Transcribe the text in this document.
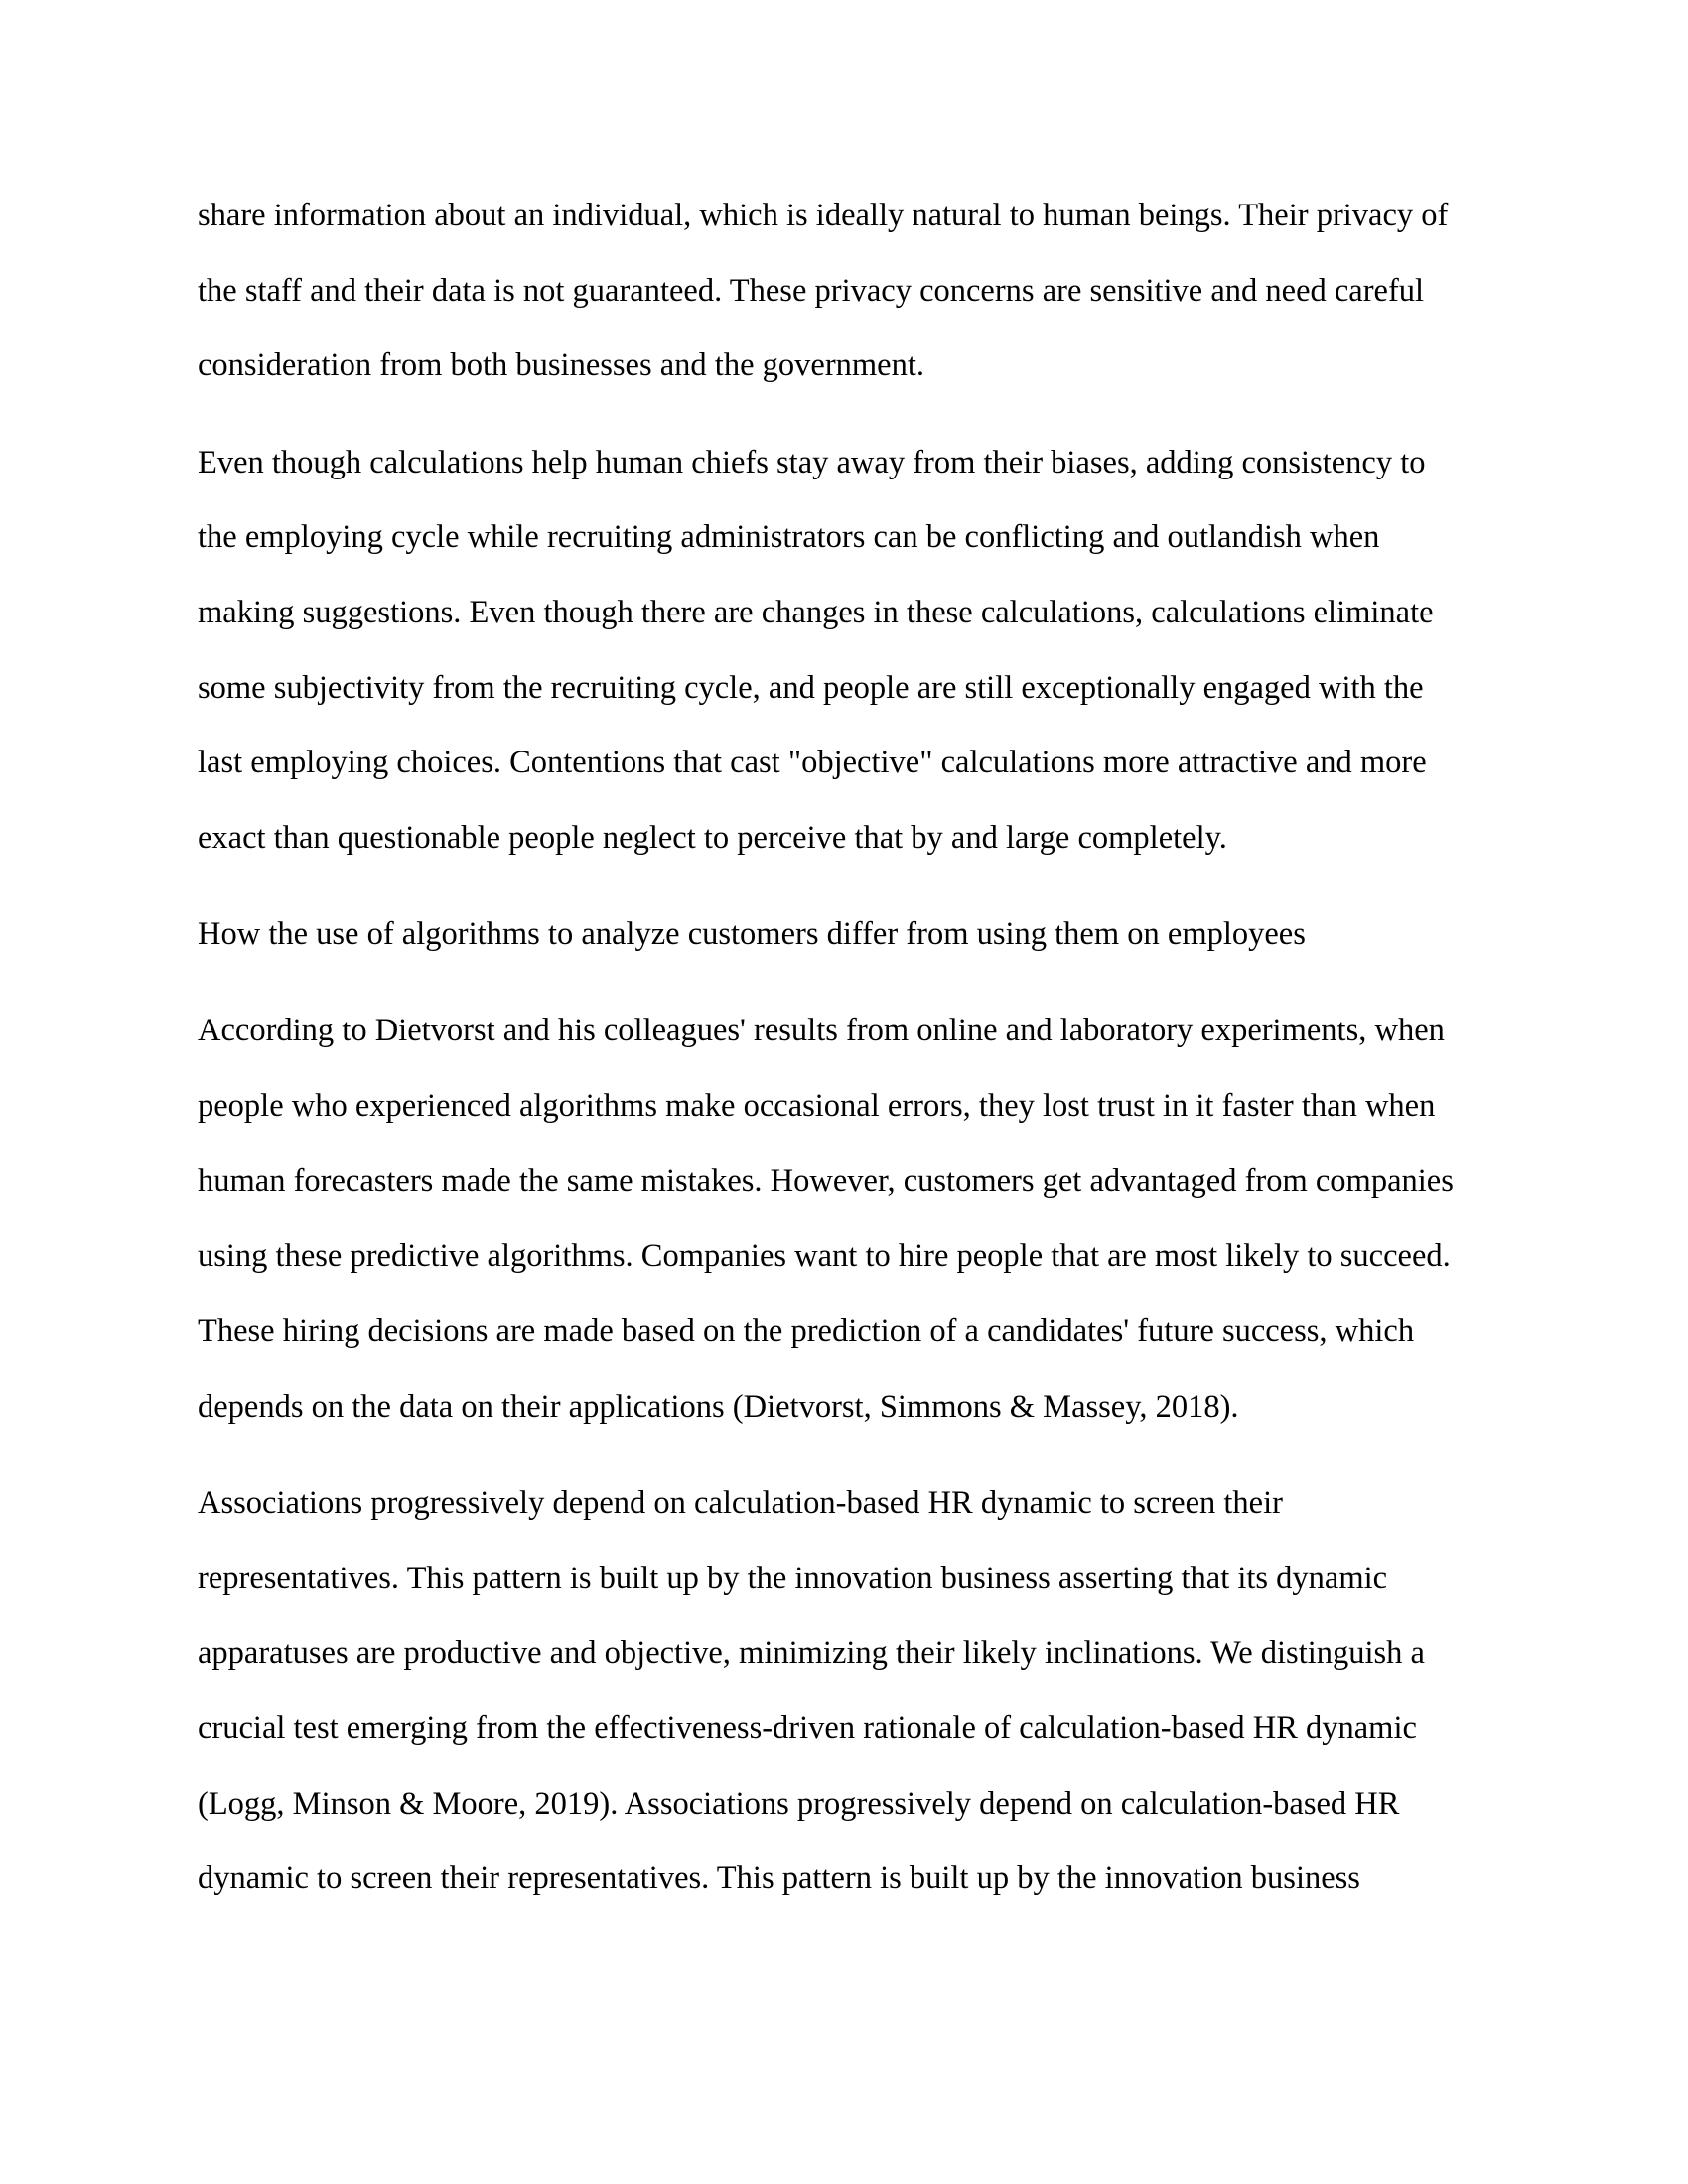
share information about an individual, which is ideally natural to human beings. Their privacy of
the staff and their data is not guaranteed. These privacy concerns are sensitive and need careful
consideration from both businesses and the government.
Even though calculations help human chiefs stay away from their biases, adding consistency to
the employing cycle while recruiting administrators can be conflicting and outlandish when
making suggestions. Even though there are changes in these calculations, calculations eliminate
some subjectivity from the recruiting cycle, and people are still exceptionally engaged with the
last employing choices. Contentions that cast "objective" calculations more attractive and more
exact than questionable people neglect to perceive that by and large completely.
How the use of algorithms to analyze customers differ from using them on employees
According to Dietvorst and his colleagues' results from online and laboratory experiments, when
people who experienced algorithms make occasional errors, they lost trust in it faster than when
human forecasters made the same mistakes. However, customers get advantaged from companies
using these predictive algorithms. Companies want to hire people that are most likely to succeed.
These hiring decisions are made based on the prediction of a candidates' future success, which
depends on the data on their applications (Dietvorst, Simmons & Massey, 2018).
Associations progressively depend on calculation-based HR dynamic to screen their
representatives. This pattern is built up by the innovation business asserting that its dynamic
apparatuses are productive and objective, minimizing their likely inclinations. We distinguish a
crucial test emerging from the effectiveness-driven rationale of calculation-based HR dynamic
(Logg, Minson & Moore, 2019). Associations progressively depend on calculation-based HR
dynamic to screen their representatives. This pattern is built up by the innovation business
